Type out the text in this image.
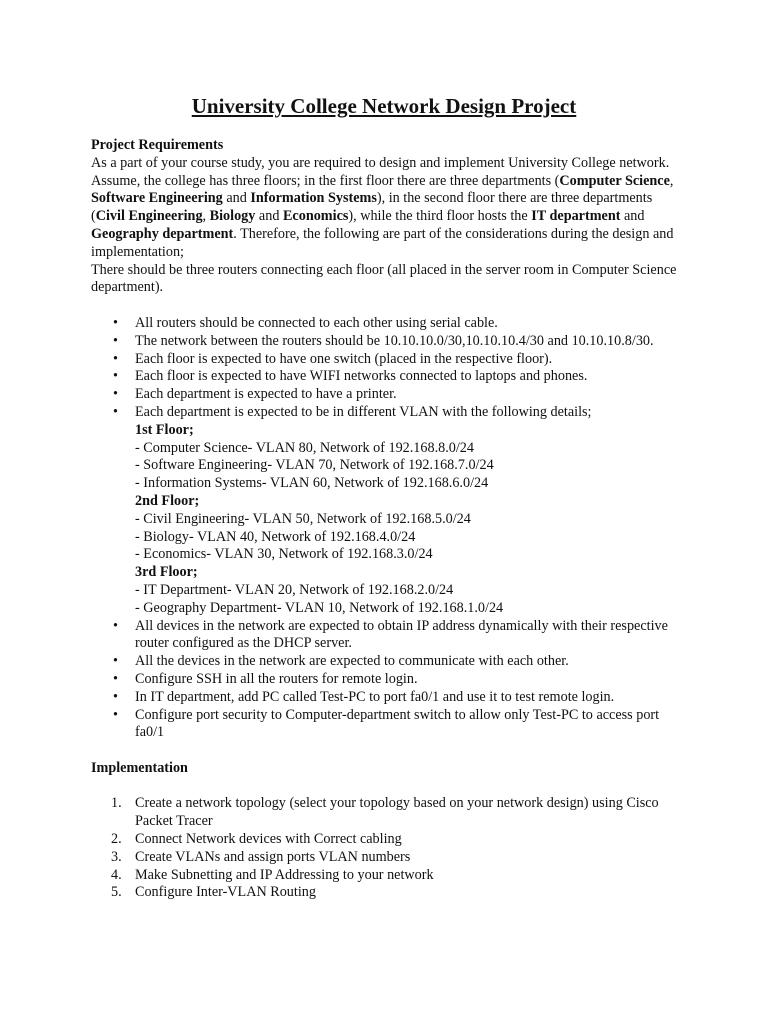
University College Network Design Project

Project Requirements

As a part of your course study, you are required to design and implement University College network. Assume, the college has three floors; in the first floor there are three departments (Computer Science, Software Engineering and Information Systems), in the second floor there are three departments (Civil Engineering, Biology and Economics), while the third floor hosts the IT department and Geography department. Therefore, the following are part of the considerations during the design and implementation;

There should be three routers connecting each floor (all placed in the server room in Computer Science department).

• All routers should be connected to each other using serial cable.
• The network between the routers should be 10.10.10.0/30,10.10.10.4/30 and 10.10.10.8/30.
• Each floor is expected to have one switch (placed in the respective floor).
• Each floor is expected to have WIFI networks connected to laptops and phones.
• Each department is expected to have a printer.
• Each department is expected to be in different VLAN with the following details;
1st Floor;
- Computer Science- VLAN 80, Network of 192.168.8.0/24
- Software Engineering- VLAN 70, Network of 192.168.7.0/24
- Information Systems- VLAN 60, Network of 192.168.6.0/24
2nd Floor;
- Civil Engineering- VLAN 50, Network of 192.168.5.0/24
- Biology- VLAN 40, Network of 192.168.4.0/24
- Economics- VLAN 30, Network of 192.168.3.0/24
3rd Floor;
- IT Department- VLAN 20, Network of 192.168.2.0/24
- Geography Department- VLAN 10, Network of 192.168.1.0/24
• All devices in the network are expected to obtain IP address dynamically with their respective router configured as the DHCP server.
• All the devices in the network are expected to communicate with each other.
• Configure SSH in all the routers for remote login.
• In IT department, add PC called Test-PC to port fa0/1 and use it to test remote login.
• Configure port security to Computer-department switch to allow only Test-PC to access port fa0/1

Implementation

1. Create a network topology (select your topology based on your network design) using Cisco Packet Tracer
2. Connect Network devices with Correct cabling
3. Create VLANs and assign ports VLAN numbers
4. Make Subnetting and IP Addressing to your network
5. Configure Inter-VLAN Routing
